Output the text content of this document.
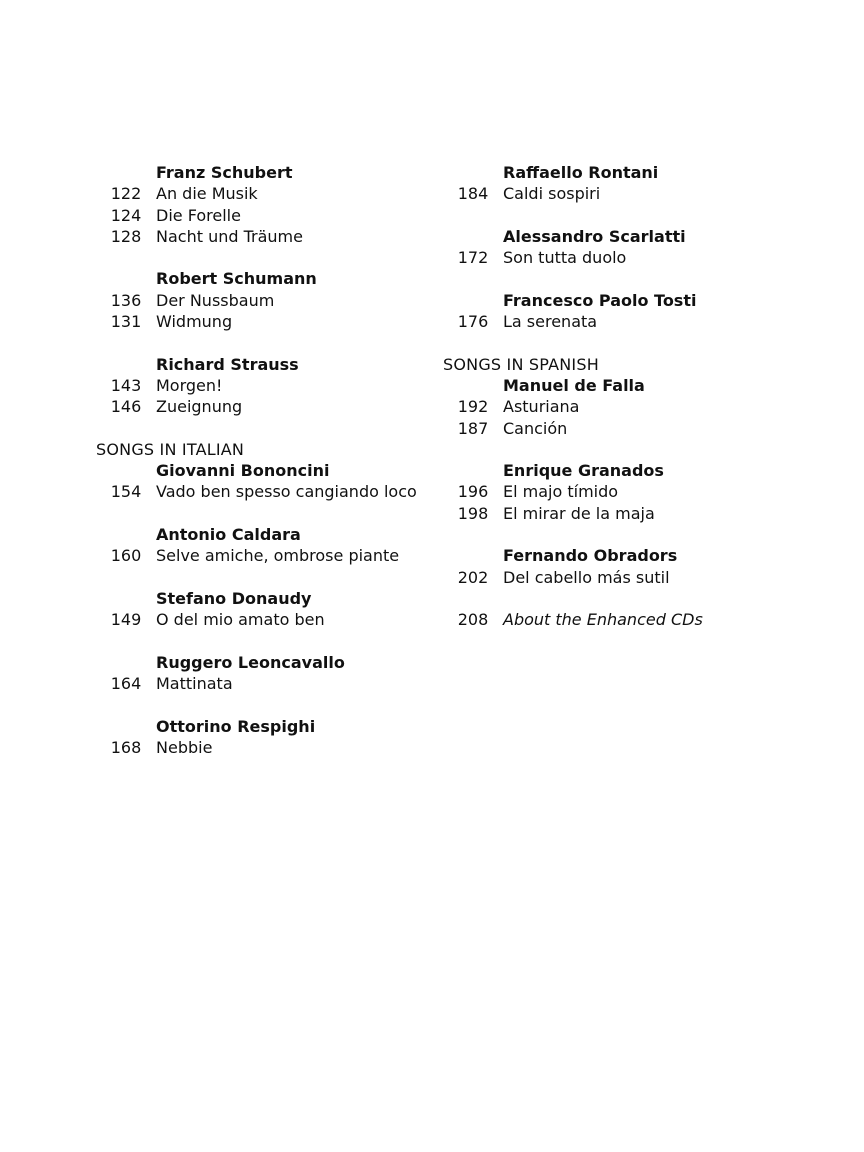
Franz Schubert
122 An die Musik
124 Die Forelle
128 Nacht und Träume
Robert Schumann
136 Der Nussbaum
131 Widmung
Richard Strauss
143 Morgen!
146 Zueignung
SONGS IN ITALIAN
Giovanni Bononcini
154 Vado ben spesso cangiando loco
Antonio Caldara
160 Selve amiche, ombrose piante
Stefano Donaudy
149 O del mio amato ben
Ruggero Leoncavallo
164 Mattinata
Ottorino Respighi
168 Nebbie
Raffaello Rontani
184 Caldi sospiri
Alessandro Scarlatti
172 Son tutta duolo
Francesco Paolo Tosti
176 La serenata
SONGS IN SPANISH
Manuel de Falla
192 Asturiana
187 Canción
Enrique Granados
196 El majo tímido
198 El mirar de la maja
Fernando Obradors
202 Del cabello más sutil
208 About the Enhanced CDs
